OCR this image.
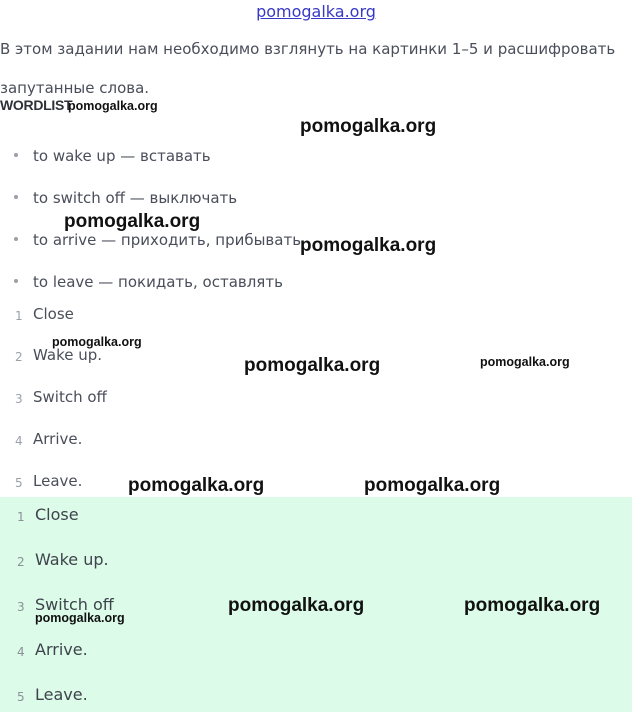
pomogalka.org
В этом задании нам необходимо взглянуть на картинки 1–5 и расшифровать запутанные слова.
WORDLIST
to wake up — вставать
to switch off — выключать
to arrive — приходить, прибывать
to leave — покидать, оставлять
1 Close
2 Wake up.
3 Switch off
4 Arrive.
5 Leave.
1 Close
2 Wake up.
3 Switch off
4 Arrive.
5 Leave.
pomogalka.org
pomogalka.org
pomogalka.org
pomogalka.org
pomogalka.org
pomogalka.org	pomogalka.org
pomogalka.org	pomogalka.org
pomogalka.org	pomogalka.org
pomogalka.org
